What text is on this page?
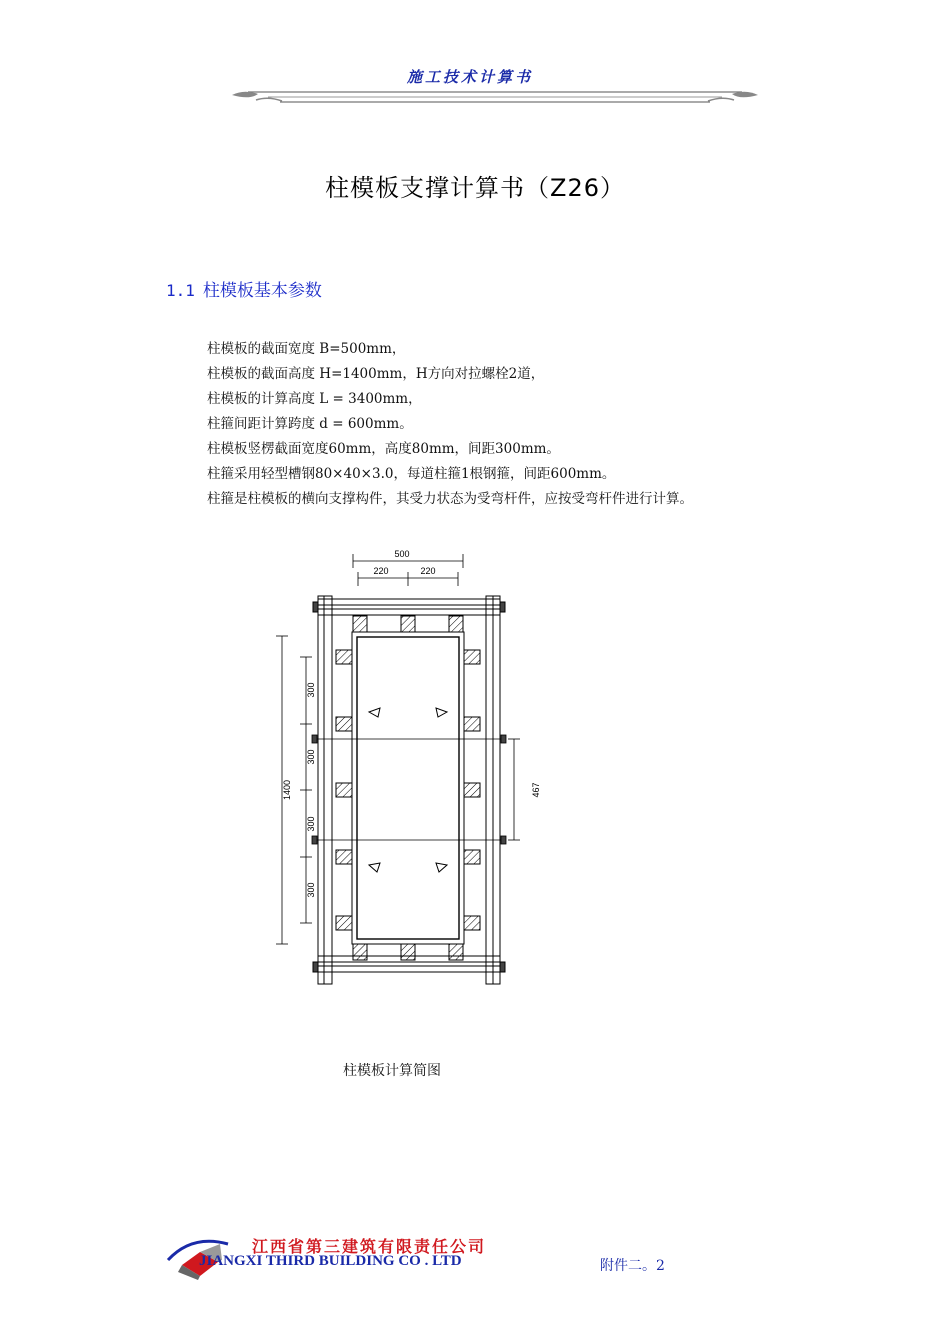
施工技术计算书
柱模板支撑计算书（Z26）
1.1 柱模板基本参数
柱模板的截面宽度 B=500mm，
柱模板的截面高度 H=1400mm，H方向对拉螺栓2道，
柱模板的计算高度 L = 3400mm，
柱箍间距计算跨度 d = 600mm。
柱模板竖楞截面宽度60mm，高度80mm，间距300mm。
柱箍采用轻型槽钢80×40×3.0，每道柱箍1根钢箍，间距600mm。
柱箍是柱模板的横向支撑构件，其受力状态为受弯杆件，应按受弯杆件进行计算。
500
220	220
1400
300
300
300
300
467
柱模板计算简图
江西省第三建筑有限责任公司
JIANGXI THIRD BUILDING CO . LTD	附件二。2
